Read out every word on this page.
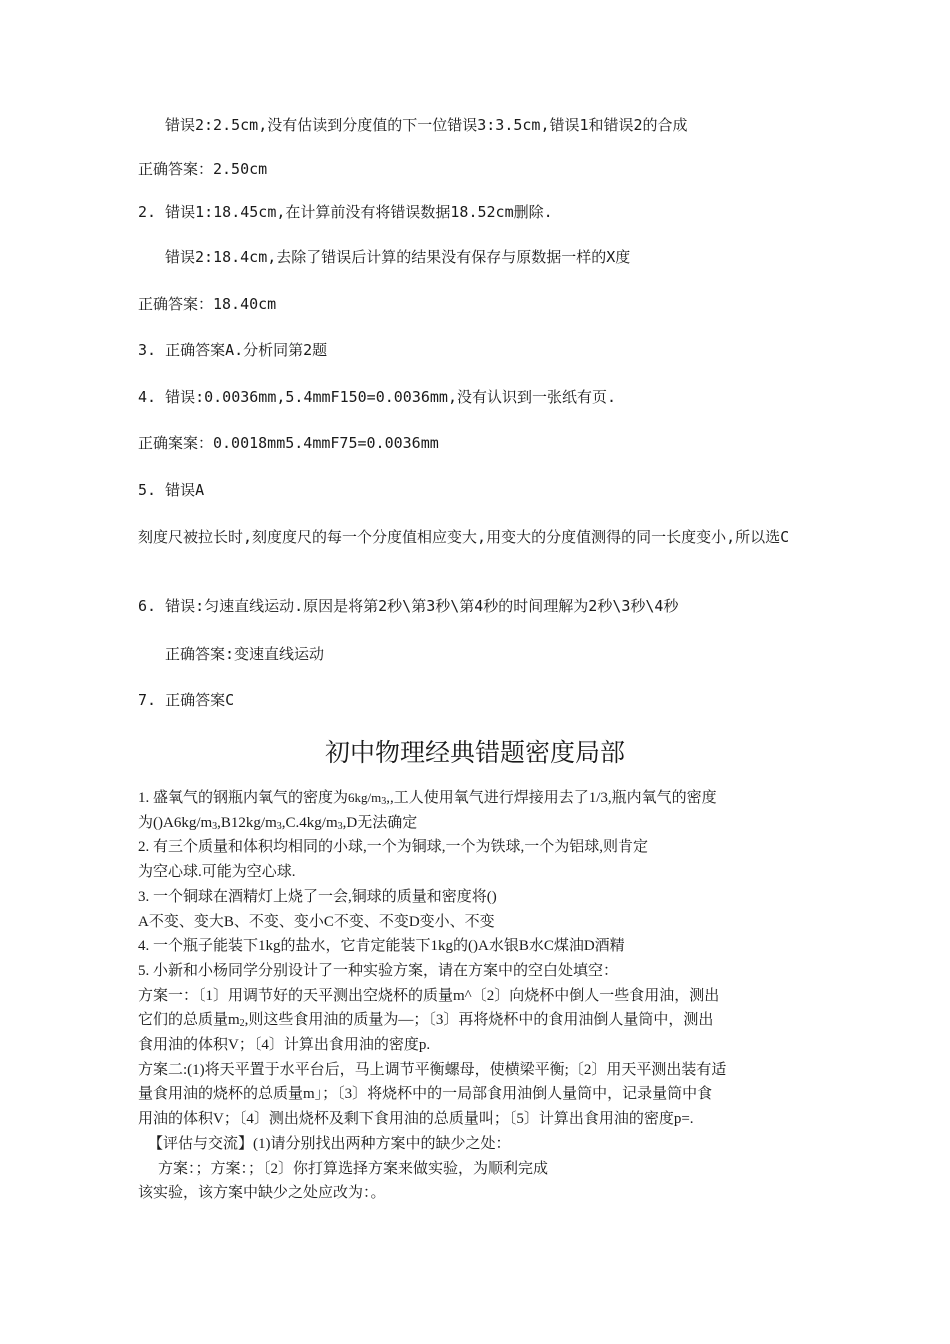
错误2:2.5cm,没有估读到分度值的下一位错误3:3.5cm,错误1和错误2的合成
正确答案：2.50cm
2. 错误1:18.45cm,在计算前没有将错误数据18.52cm删除.
错误2:18.4cm,去除了错误后计算的结果没有保存与原数据一样的X度
正确答案：18.40cm
3. 正确答案A.分析同第2题
4. 错误:0.0036mm,5.4mmF150=0.0036mm,没有认识到一张纸有页.
正确案案：0.0018mm5.4mmF75=0.0036mm
5. 错误A
刻度尺被拉长时,刻度度尺的每一个分度值相应变大,用变大的分度值测得的同一长度变小,所以选C
6. 错误:匀速直线运动.原因是将第2秒\第3秒\第4秒的时间理解为2秒\3秒\4秒
正确答案:变速直线运动
7. 正确答案C
初中物理经典错题密度局部

1. 盛氧气的钢瓶内氧气的密度为$6kg/m_3$,,工人使用氧气进行焊接用去了1/3,瓶内氧气的密度

为$()A6kg/m_3,B12kg/m_3,C.4kg/m_3,D$无法确定

2. 有三个质量和体积均相同的小球,一个为铜球,一个为铁球,一个为铝球,则肯定

为空心球.可能为空心球.

3. 一个铜球在酒精灯上烧了一会,铜球的质量和密度将()

A不变、变大B、不变、变小C不变、不变D变小、不变

4. 一个瓶子能装下1kg的盐水，它肯定能装下1kg的()A水银B水C煤油D酒精

5. 小新和小杨同学分别设计了一种实验方案，请在方案中的空白处填空：

方案一：〔1〕用调节好的天平测出空烧杯的质量m^〔2〕向烧杯中倒人一些食用油，测出

它们的总质量$m_2$,则这些食用油的质量为—；〔3〕再将烧杯中的食用油倒人量筒中，测出

食用油的体积V；〔4〕计算出食用油的密度p.

方案二:(1)将天平置于水平台后，马上调节平衡螺母，使横梁平衡;〔2〕用天平测出装有适

量食用油的烧杯的总质量m」；〔3〕将烧杯中的一局部食用油倒人量筒中，记录量筒中食

用油的体积V；〔4〕测出烧杯及剩下食用油的总质量叫；〔5〕计算出食用油的密度p=.

【评估与交流】(1)请分别找出两种方案中的缺少之处：

方案：；方案：；〔2〕你打算选择方案来做实验，为顺利完成

该实验，该方案中缺少之处应改为：。
